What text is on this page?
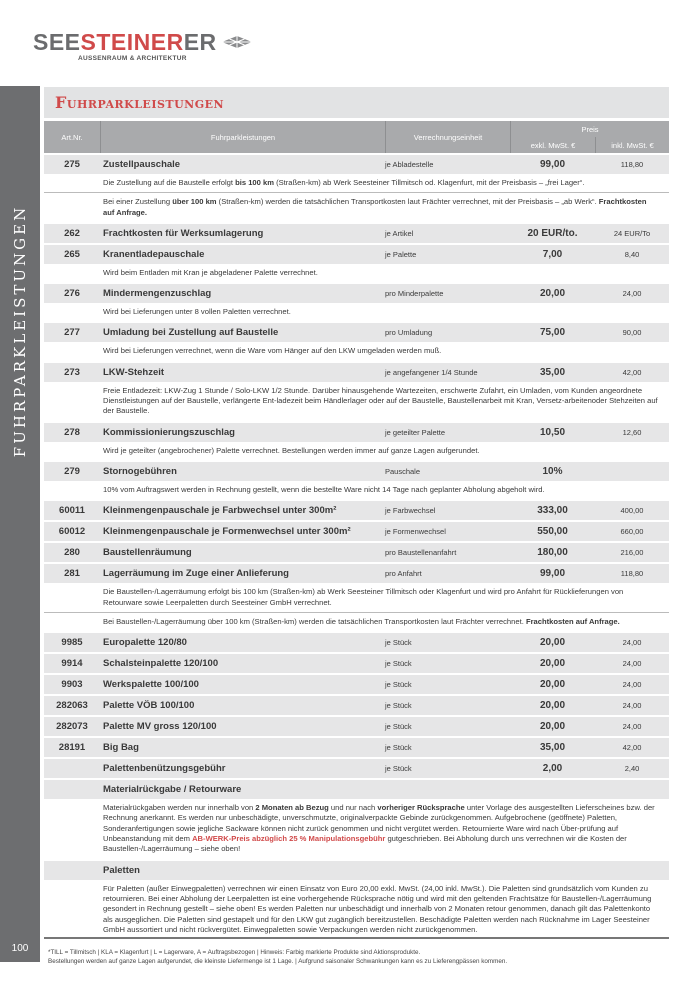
SEESTEINERER
AUSSENRAUM & ARCHITEKTUR
FUHRPARKLEISTUNGEN
100
Fuhrparkleistungen
Art.Nr.	Fuhrparkleistungen	Verrechnungseinheit
Preis
exkl. MwSt. €	inkl. MwSt. €
275	Zustellpauschale	je Abladestelle	99,00	118,80
Die Zustellung auf die Baustelle erfolgt bis 100 km (Straßen-km) ab Werk Seesteiner Tillmitsch od. Klagenfurt, mit der Preisbasis – „frei Lager“.
Bei einer Zustellung über 100 km (Straßen-km) werden die tatsächlichen Transportkosten laut Frächter verrechnet, mit der Preisbasis – „ab Werk“. Frachtkosten auf Anfrage.
262	Frachtkosten für Werksumlagerung	je Artikel	20 EUR/to.	24 EUR/To
265	Kranentladepauschale	je Palette	7,00	8,40
Wird beim Entladen mit Kran je abgeladener Palette verrechnet.
276	Mindermengenzuschlag	pro Minderpalette	20,00	24,00
Wird bei Lieferungen unter 8 vollen Paletten verrechnet.
277	Umladung bei Zustellung auf Baustelle	pro Umladung	75,00	90,00
Wird bei Lieferungen verrechnet, wenn die Ware vom Hänger auf den LKW umgeladen werden muß.
273	LKW-Stehzeit	je angefangener 1/4 Stunde	35,00	42,00
Freie Entladezeit: LKW-Zug 1 Stunde / Solo-LKW 1/2 Stunde. Darüber hinausgehende Wartezeiten, erschwerte Zufahrt, ein Umladen, vom Kunden angeordnete Dienstleistungen auf der Baustelle, verlängerte Ent-ladezeit beim Händlerlager oder auf der Baustelle, Baustellenarbeit mit Kran, Versetz-arbeitenoder Stehzeiten auf der Baustelle.
278	Kommissionierungszuschlag	je geteilter Palette	10,50	12,60
Wird je geteilter (angebrochener) Palette verrechnet. Bestellungen werden immer auf ganze Lagen aufgerundet.
279	Stornogebühren	Pauschale	10%
10% vom Auftragswert werden in Rechnung gestellt, wenn die bestellte Ware nicht 14 Tage nach geplanter Abholung abgeholt wird.
60011	Kleinmengenpauschale je Farbwechsel unter 300m²	je Farbwechsel	333,00	400,00
60012	Kleinmengenpauschale je Formenwechsel unter 300m²	je Formenwechsel	550,00	660,00
280	Baustellenräumung	pro Baustellenanfahrt	180,00	216,00
281	Lagerräumung im Zuge einer Anlieferung	pro Anfahrt	99,00	118,80
Die Baustellen-/Lagerräumung erfolgt bis 100 km (Straßen-km) ab Werk Seesteiner Tillmitsch oder Klagenfurt und wird pro Anfahrt für Rücklieferungen von Retourware sowie Leerpaletten durch Seesteiner GmbH verrechnet.
Bei Baustellen-/Lagerräumung über 100 km (Straßen-km) werden die tatsächlichen Transportkosten laut Frächter verrechnet. Frachtkosten auf Anfrage.
9985	Europalette 120/80	je Stück	20,00	24,00
9914	Schalsteinpalette 120/100	je Stück	20,00	24,00
9903	Werkspalette 100/100	je Stück	20,00	24,00
282063	Palette VÖB 100/100	je Stück	20,00	24,00
282073	Palette MV gross 120/100	je Stück	20,00	24,00
28191	Big Bag	je Stück	35,00	42,00
Palettenbenützungsgebühr	je Stück	2,00	2,40
Materialrückgabe / Retourware
Materialrückgaben werden nur innerhalb von 2 Monaten ab Bezug und nur nach vorheriger Rücksprache unter Vorlage des ausgestellten Lieferscheines bzw. der Rechnung anerkannt. Es werden nur unbeschädigte, unverschmutzte, originalverpackte Gebinde zurückgenommen. Aufgebrochene (geöffnete) Paletten, Sonderanfertigungen sowie jegliche Sackware können nicht zurück genommen und nicht vergütet werden. Retournierte Ware wird nach Über-prüfung auf Unbeanstandung mit dem AB-WERK-Preis abzüglich 25 % Manipulationsgebühr gutgeschrieben. Bei Abholung durch uns verrechnen wir die Kosten der Baustellen-/Lagerräumung – siehe oben!
Paletten
Für Paletten (außer Einwegpaletten) verrechnen wir einen Einsatz von Euro 20,00 exkl. MwSt. (24,00 inkl. MwSt.). Die Paletten sind grundsätzlich vom Kunden zu retournieren. Bei einer Abholung der Leerpaletten ist eine vorhergehende Rücksprache nötig und wird mit den geltenden Frachtsätze für Baustellen-/Lagerräumung gesondert in Rechnung gestellt – siehe oben! Es werden Paletten nur unbeschädigt und innerhalb von 2 Monaten retour genommen, danach gilt das Palettenkonto als ausgeglichen. Die Paletten sind gestapelt und für den LKW gut zugänglich bereitzustellen. Beschädigte Paletten werden nach Rücknahme im Lager Seesteiner GmbH aussortiert und nicht rückvergütet. Einwegpaletten sowie Verpackungen werden nicht zurückgenommen.
*TILL = Tillmitsch | KLA = Klagenfurt | L = Lagerware, A = Auftragsbezogen | Hinweis: Farbig markierte Produkte sind Aktionsprodukte.
Bestellungen werden auf ganze Lagen aufgerundet, die kleinste Liefermenge ist 1 Lage. | Aufgrund saisonaler Schwankungen kann es zu Lieferengpässen kommen.
